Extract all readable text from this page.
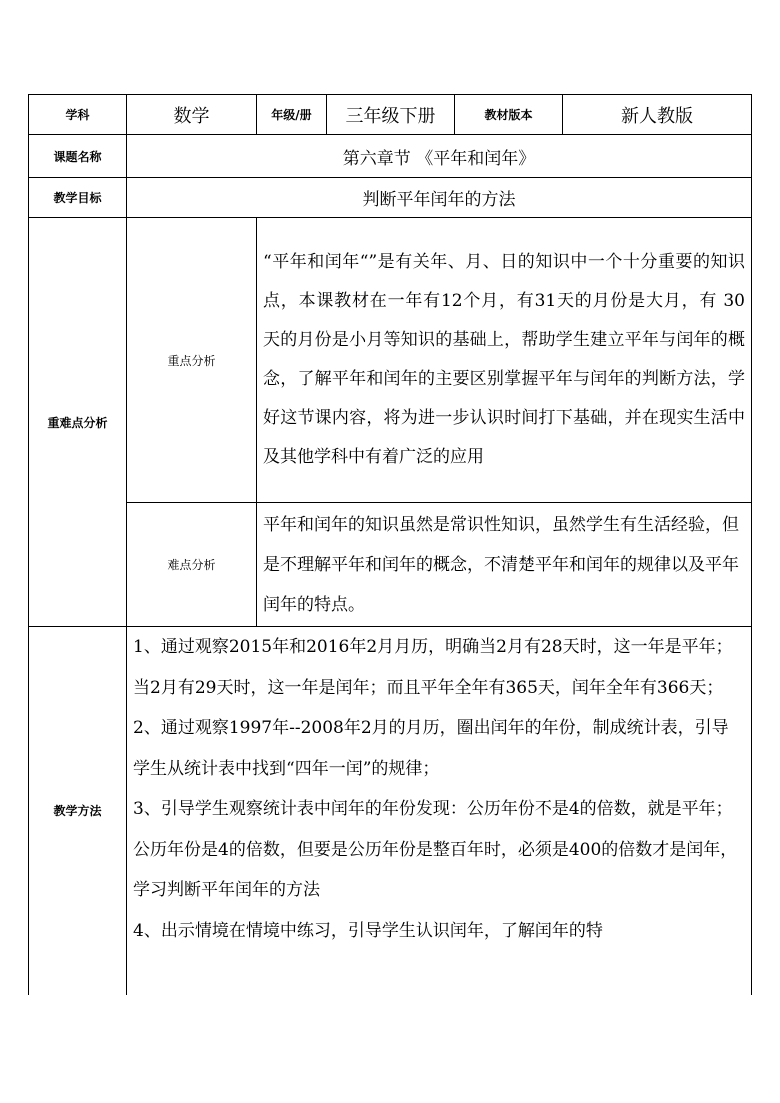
学科	数学	年级/册	三年级下册	教材版本	新人教版
课题名称	第六章节 《平年和闰年》				
教学目标	判断平年闰年的方法				
重难点分析	重点分析	“平年和闰年“”是有关年、月、日的知识中一个十分重要的知识点，本课教材在一年有12个月，有31天的月份是大月，有 30 天的月份是小月等知识的基础上，帮助学生建立平年与闰年的概念，了解平年和闰年的主要区别掌握平年与闰年的判断方法，学好这节课内容，将为进一步认识时间打下基础，并在现实生活中及其他学科中有着广泛的应用			
	难点分析	平年和闰年的知识虽然是常识性知识，虽然学生有生活经验，但是不理解平年和闰年的概念，不清楚平年和闰年的规律以及平年闰年的特点。			
教学方法	1、通过观察2015年和2016年2月月历，明确当2月有28天时，这一年是平年；当2月有29天时，这一年是闰年；而且平年全年有365天，闰年全年有366天；

2、通过观察1997年--2008年2月的月历，圈出闰年的年份，制成统计表，引导学生从统计表中找到“四年一闰”的规律；

3、引导学生观察统计表中闰年的年份发现：公历年份不是4的倍数，就是平年；公历年份是4的倍数，但要是公历年份是整百年时，必须是400的倍数才是闰年，学习判断平年闰年的方法

4、出示情境在情境中练习，引导学生认识闰年，了解闰年的特				
